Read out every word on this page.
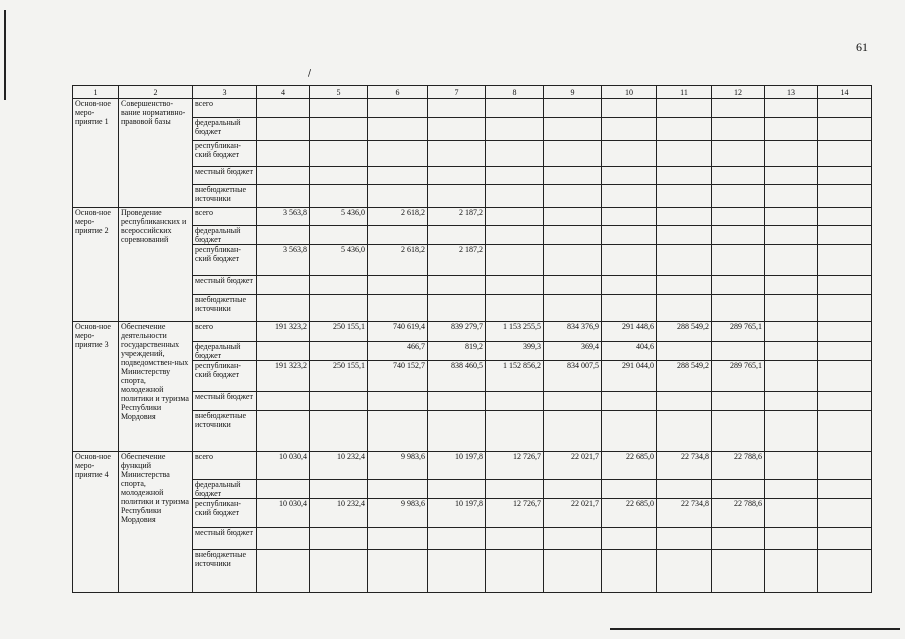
61
/
1	2	3	4	5	6	7	8	9	10	11	12	13	14
Основ-ное меро-приятие 1	Совершенство-вание нормативно-правовой базы	всего											
		федеральный бюджет											
		республикан-ский бюджет											
		местный бюджет											
		внебюджетные источники											
Основ-ное меро-приятие 2	Проведение республиканских и всероссийских соревнований	всего	3 563,8	5 436,0	2 618,2	2 187,2							
		федеральный бюджет											
		республикан-ский бюджет	3 563,8	5 436,0	2 618,2	2 187,2							
		местный бюджет											
		внебюджетные источники											
Основ-ное меро-приятие 3	Обеспечение деятельности государственных учреждений, подведомствен-ных Министерству спорта, молодежной политики и туризма Республики Мордовия	всего	191 323,2	250 155,1	740 619,4	839 279,7	1 153 255,5	834 376,9	291 448,6	288 549,2	289 765,1		
		федеральный бюджет			466,7	819,2	399,3	369,4	404,6				
		республикан-ский бюджет	191 323,2	250 155,1	740 152,7	838 460,5	1 152 856,2	834 007,5	291 044,0	288 549,2	289 765,1		
		местный бюджет											
		внебюджетные источники											
Основ-ное меро-приятие 4	Обеспечение функций Министерства спорта, молодежной политики и туризма Республики Мордовия	всего	10 030,4	10 232,4	9 983,6	10 197,8	12 726,7	22 021,7	22 685,0	22 734,8	22 788,6		
		федеральный бюджет											
		республикан-ский бюджет	10 030,4	10 232,4	9 983,6	10 197,8	12 726,7	22 021,7	22 685,0	22 734,8	22 788,6		
		местный бюджет											
		внебюджетные источники											
